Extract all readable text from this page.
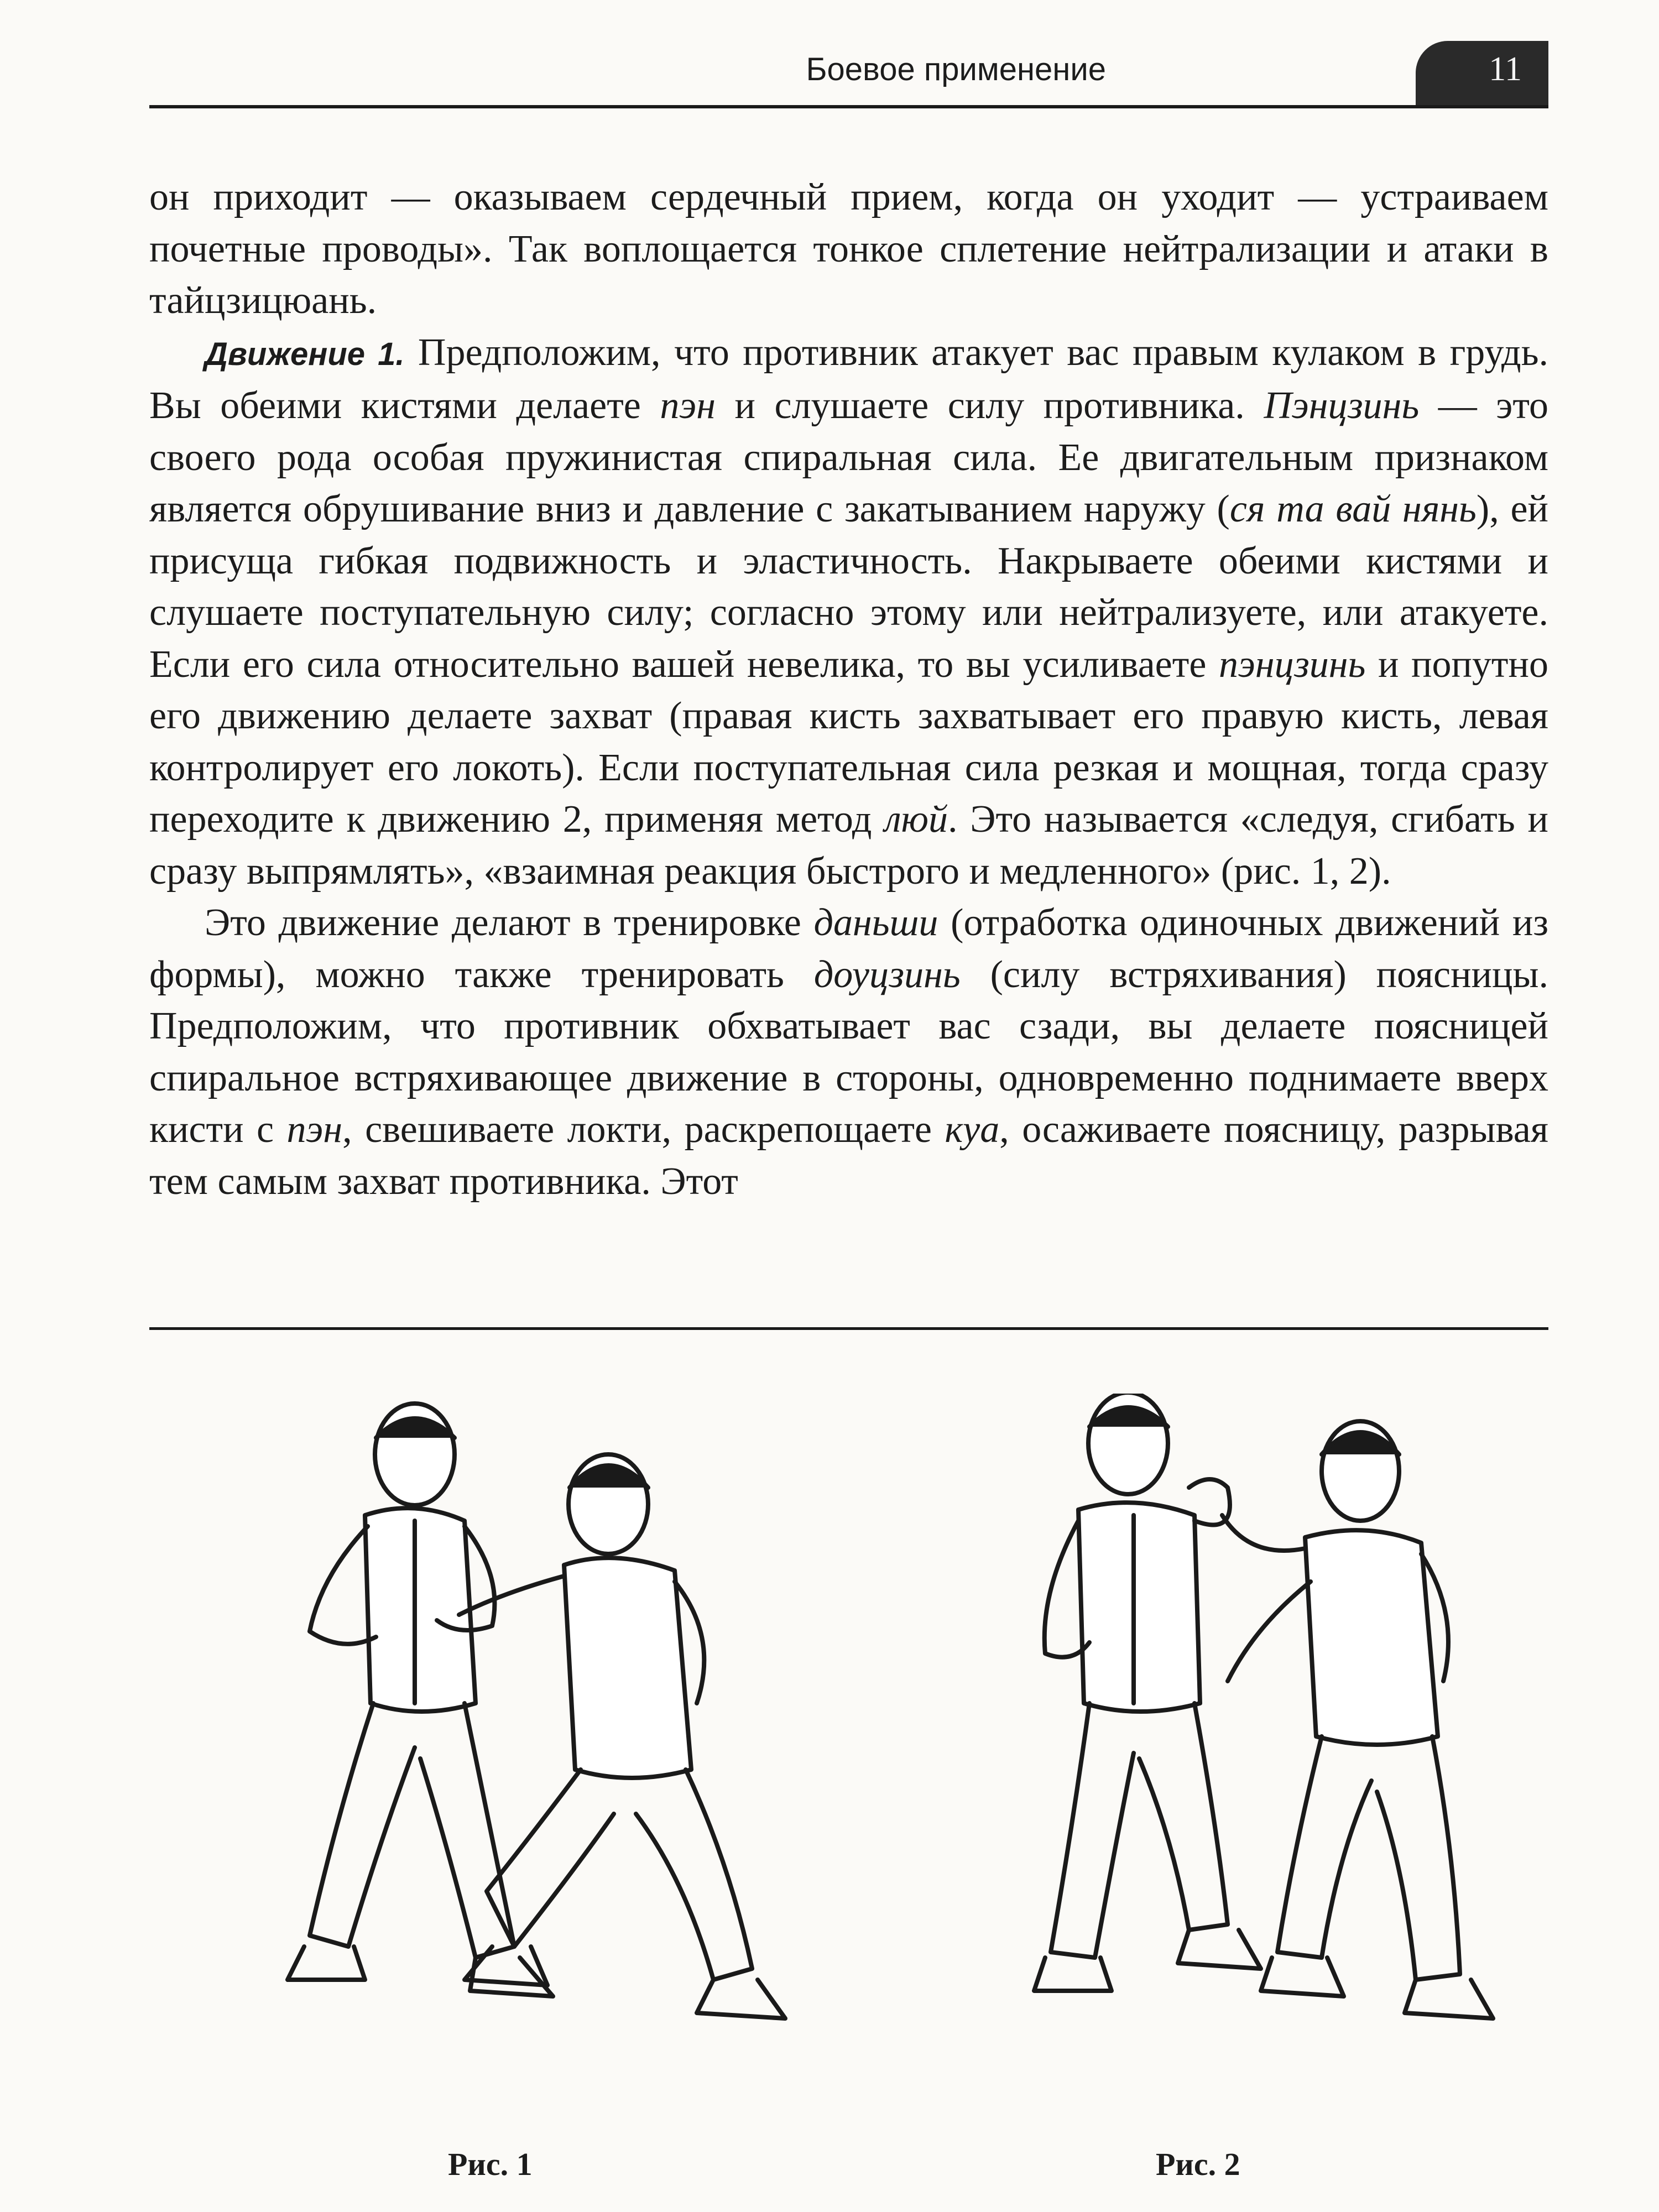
Боевое применение	11

он приходит — оказываем сердечный прием, когда он уходит — устраиваем почетные проводы». Так воплощается тонкое сплетение нейтрализации и атаки в тайцзицюань.

Движение 1. Предположим, что противник атакует вас правым кулаком в грудь. Вы обеими кистями делаете пэн и слушаете силу противника. Пэнцзинь — это своего рода особая пружинистая спиральная сила. Ее двигательным признаком является обрушивание вниз и давление с закатыванием наружу (ся та вай нянь), ей присуща гибкая подвижность и эластичность. Накрываете обеими кистями и слушаете поступательную силу; согласно этому или нейтрализуете, или атакуете. Если его сила относительно вашей невелика, то вы усиливаете пэнцзинь и попутно его движению делаете захват (правая кисть захватывает его правую кисть, левая контролирует его локоть). Если поступательная сила резкая и мощная, тогда сразу переходите к движению 2, применяя метод люй. Это называется «следуя, сгибать и сразу выпрямлять», «взаимная реакция быстрого и медленного» (рис. 1, 2).

Это движение делают в тренировке даньши (отработка одиночных движений из формы), можно также тренировать доуцзинь (силу встряхивания) поясницы. Предположим, что противник обхватывает вас сзади, вы делаете поясницей спиральное встряхивающее движение в стороны, одновременно поднимаете вверх кисти с пэн, свешиваете локти, раскрепощаете куа, осаживаете поясницу, разрывая тем самым захват противника. Этот

Рис. 1	Рис. 2
